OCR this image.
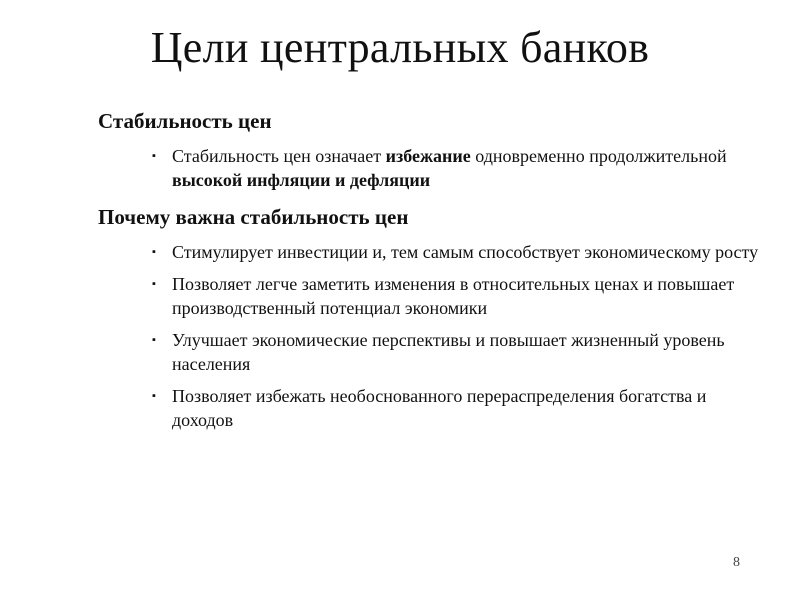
Цели центральных банков
Стабильность цен
▪ Стабильность цен означает избежание одновременно продолжительной высокой инфляции и дефляции
Почему важна стабильность цен
▪ Стимулирует инвестиции и, тем самым способствует экономическому росту
▪ Позволяет легче заметить изменения в относительных ценах и повышает производственный потенциал экономики
▪ Улучшает экономические перспективы и повышает жизненный уровень населения
▪ Позволяет избежать необоснованного перераспределения богатства и доходов
8
